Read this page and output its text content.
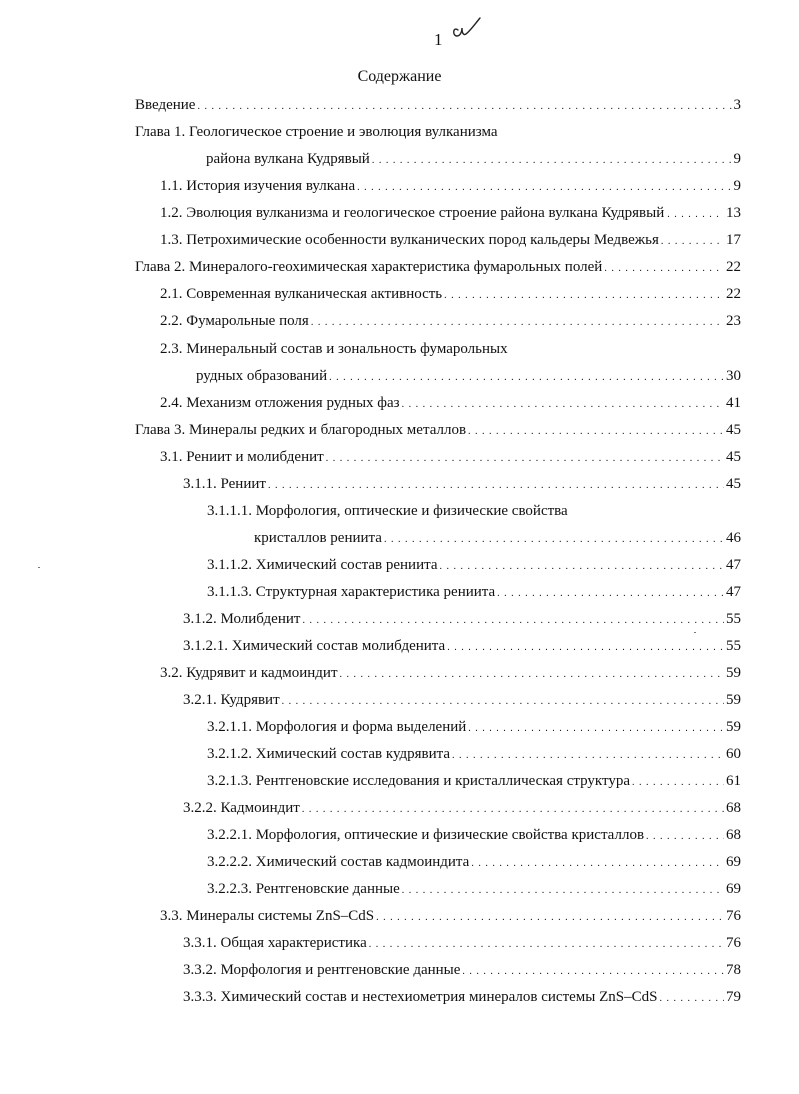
1
Содержание
Введение . . .	3
Глава 1. Геологическое строение и эволюция вулканизма
района вулкана Кудрявый . . .	9
1.1. История изучения вулкана . . .	9
1.2. Эволюция вулканизма и геологическое строение района вулкана Кудрявый . . .	13
1.3. Петрохимические особенности вулканических пород кальдеры Медвежья . . .	17
Глава 2. Минералого-геохимическая характеристика фумарольных полей . . .	22
2.1. Современная вулканическая активность . . .	22
2.2. Фумарольные поля . . .	23
2.3. Минеральный состав и зональность фумарольных
рудных образований . . .	30
2.4. Механизм отложения рудных фаз . . .	41
Глава 3. Минералы редких и благородных металлов . . .	45
3.1. Рениит и молибденит . . .	45
3.1.1. Рениит . . .	45
3.1.1.1. Морфология, оптические и физические свойства
кристаллов рениита . . .	46
3.1.1.2. Химический состав рениита . . .	47
3.1.1.3. Структурная характеристика рениита . . .	47
3.1.2. Молибденит . . .	55
3.1.2.1. Химический состав молибденита . . .	55
3.2. Кудрявит и кадмоиндит . . .	59
3.2.1. Кудрявит . . .	59
3.2.1.1. Морфология и форма выделений . . .	59
3.2.1.2. Химический состав кудрявита . . .	60
3.2.1.3. Рентгеновские исследования и кристаллическая структура . . .	61
3.2.2. Кадмоиндит . . .	68
3.2.2.1. Морфология, оптические и физические свойства кристаллов . . .	68
3.2.2.2. Химический состав кадмоиндита . . .	69
3.2.2.3. Рентгеновские данные . . .	69
3.3. Минералы системы ZnS–CdS . . .	76
3.3.1. Общая характеристика . . .	76
3.3.2. Морфология и рентгеновские данные . . .	78
3.3.3. Химический состав и нестехиометрия минералов системы ZnS–CdS . . .	79
